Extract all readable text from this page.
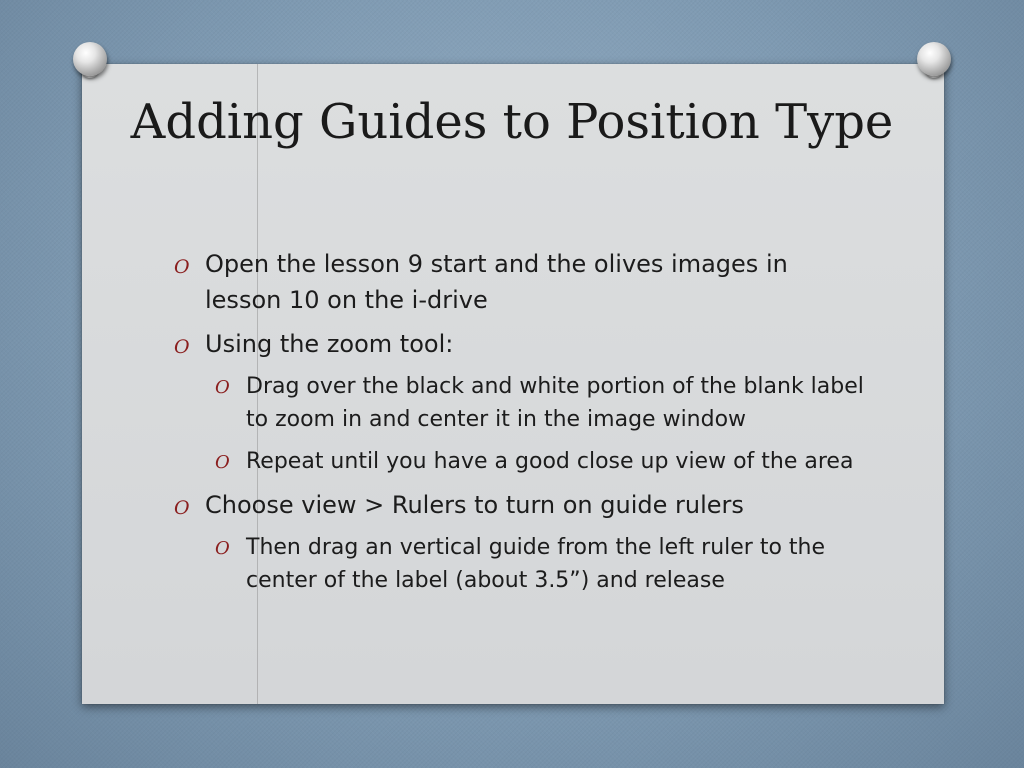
Adding Guides to Position Type
O Open the lesson 9 start and the olives images in lesson 10 on the i-drive
O Using the zoom tool:
O Drag over the black and white portion of the blank label to zoom in and center it in the image window
O Repeat until you have a good close up view of the area
O Choose view > Rulers to turn on guide rulers
O Then drag an vertical guide from the left ruler to the center of the label (about 3.5”) and release
